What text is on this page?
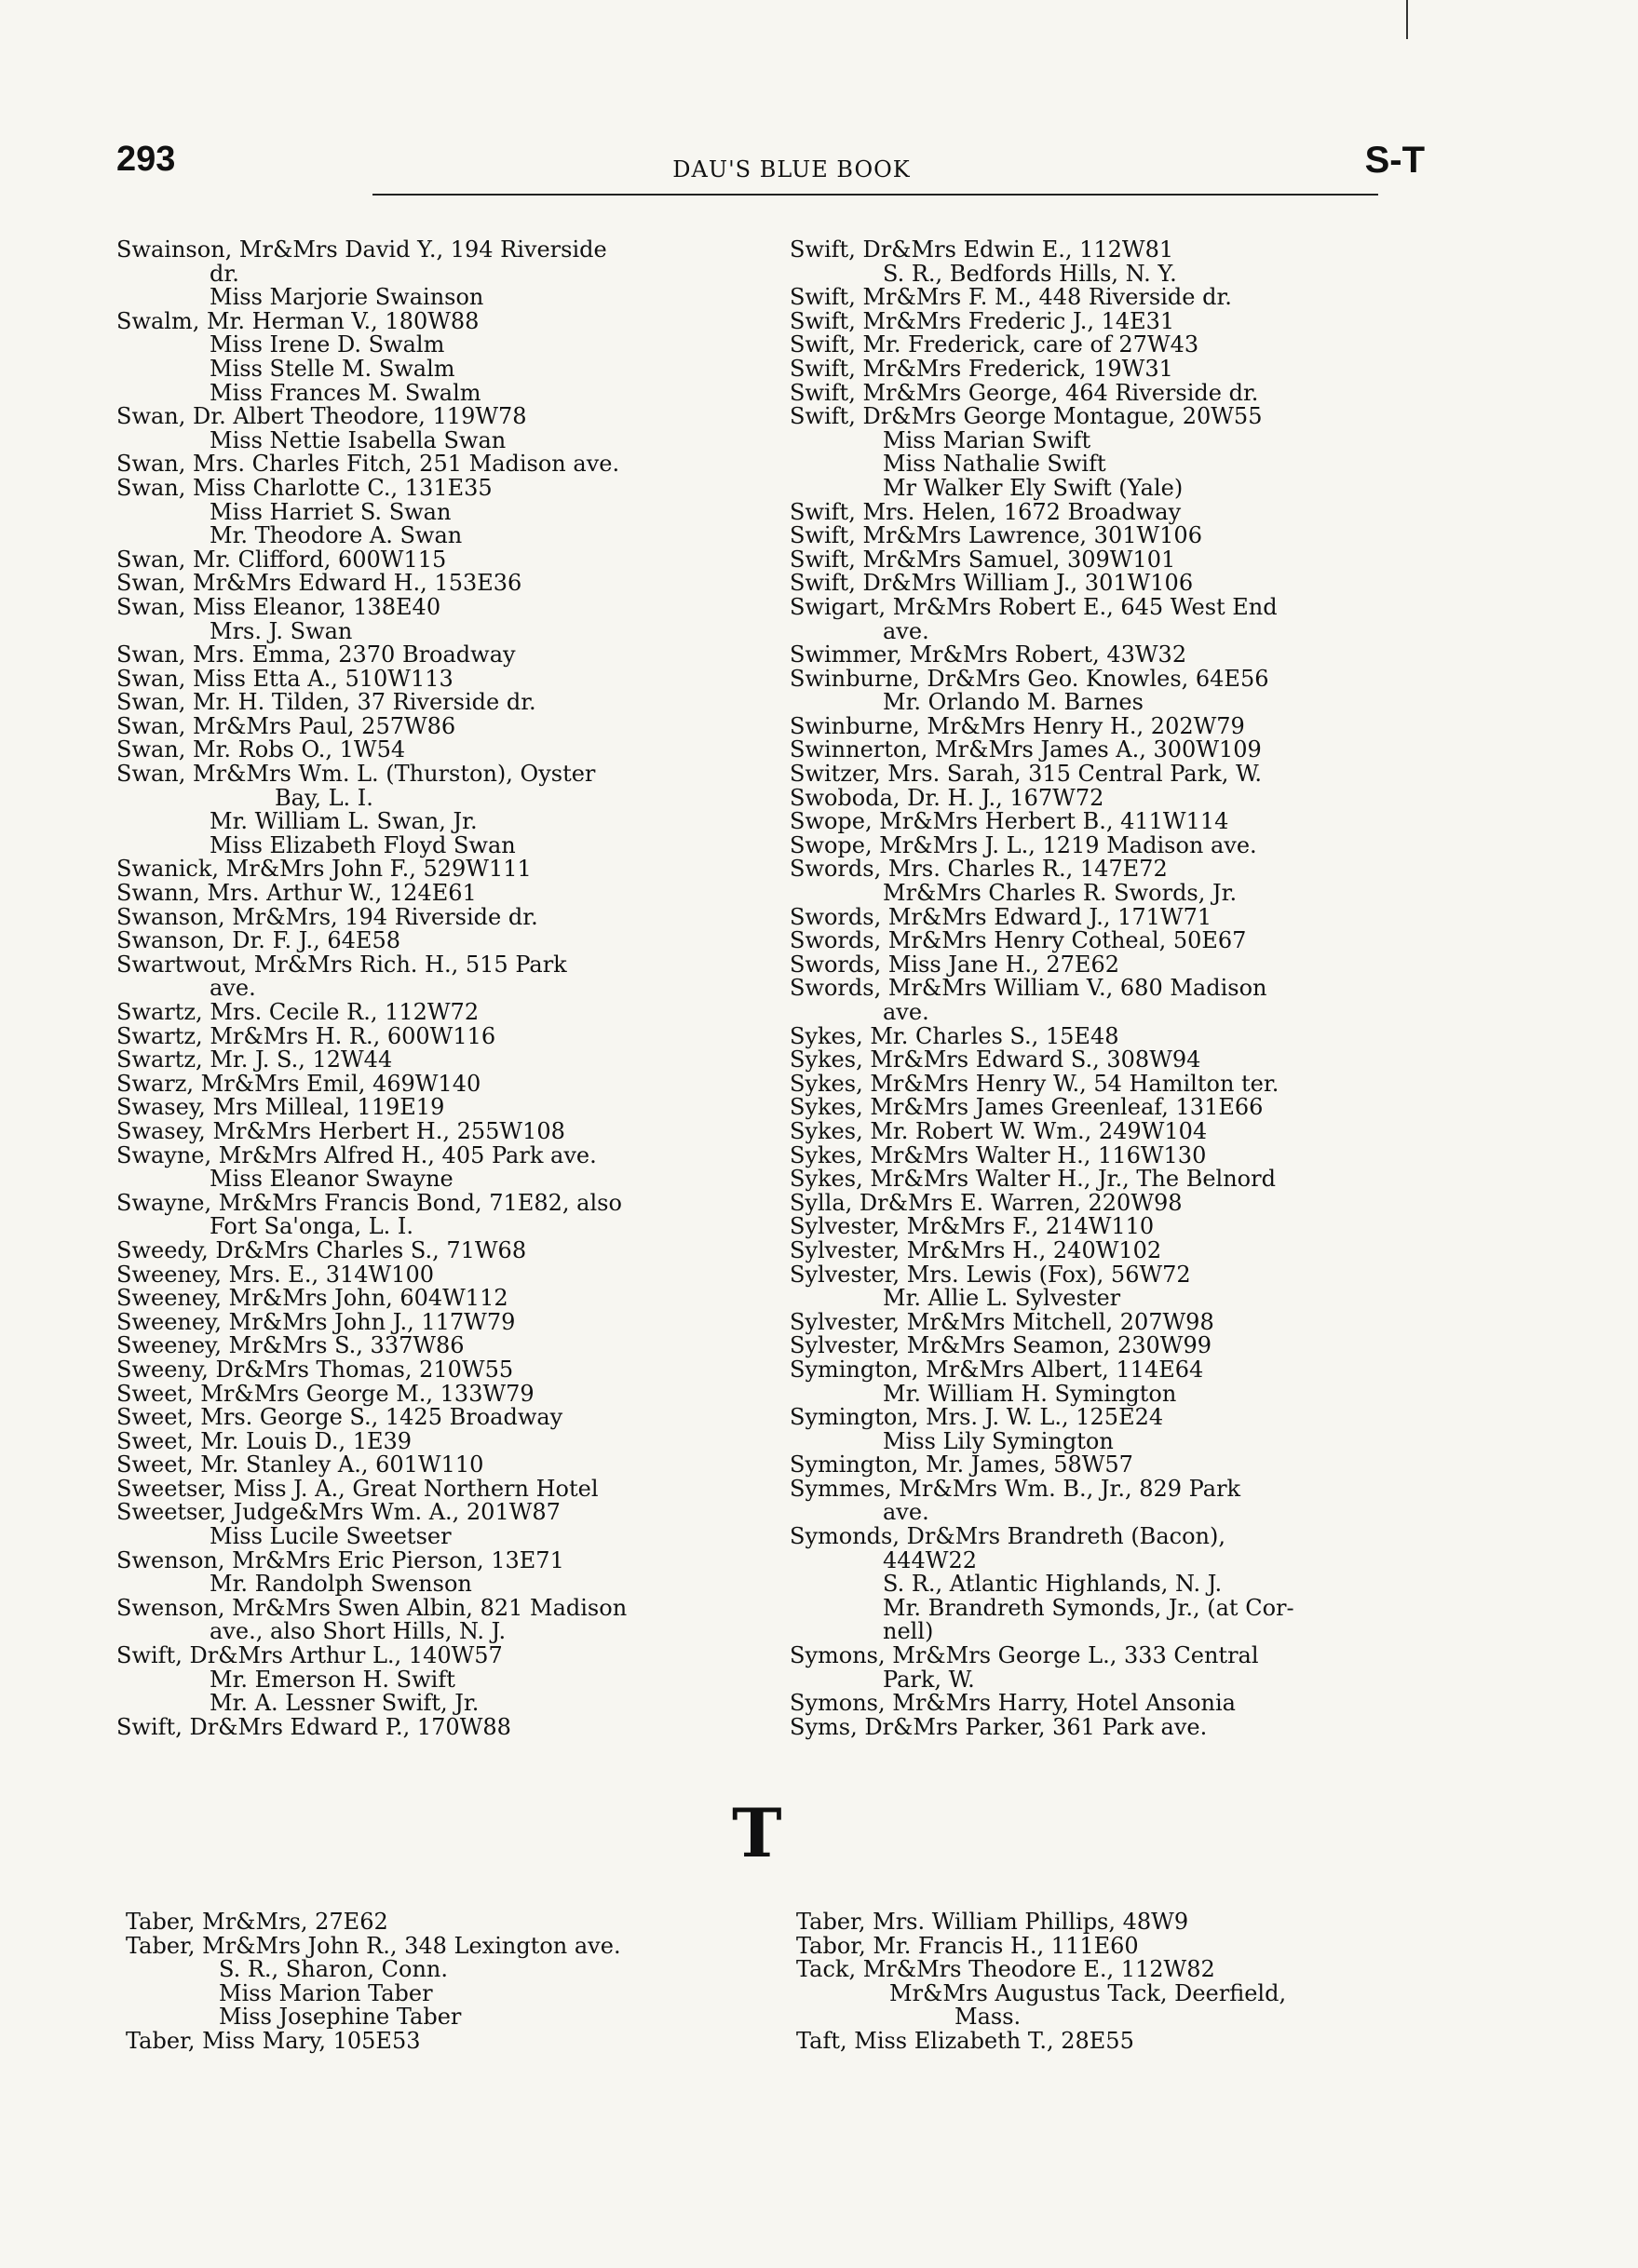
293	DAU'S BLUE BOOK	S-T
Swainson, Mr&Mrs David Y., 194 Riverside
dr.
Miss Marjorie Swainson
Swalm, Mr. Herman V., 180W88
Miss Irene D. Swalm
Miss Stelle M. Swalm
Miss Frances M. Swalm
Swan, Dr. Albert Theodore, 119W78
Miss Nettie Isabella Swan
Swan, Mrs. Charles Fitch, 251 Madison ave.
Swan, Miss Charlotte C., 131E35
Miss Harriet S. Swan
Mr. Theodore A. Swan
Swan, Mr. Clifford, 600W115
Swan, Mr&Mrs Edward H., 153E36
Swan, Miss Eleanor, 138E40
Mrs. J. Swan
Swan, Mrs. Emma, 2370 Broadway
Swan, Miss Etta A., 510W113
Swan, Mr. H. Tilden, 37 Riverside dr.
Swan, Mr&Mrs Paul, 257W86
Swan, Mr. Robs O., 1W54
Swan, Mr&Mrs Wm. L. (Thurston), Oyster
Bay, L. I.
Mr. William L. Swan, Jr.
Miss Elizabeth Floyd Swan
Swanick, Mr&Mrs John F., 529W111
Swann, Mrs. Arthur W., 124E61
Swanson, Mr&Mrs, 194 Riverside dr.
Swanson, Dr. F. J., 64E58
Swartwout, Mr&Mrs Rich. H., 515 Park
ave.
Swartz, Mrs. Cecile R., 112W72
Swartz, Mr&Mrs H. R., 600W116
Swartz, Mr. J. S., 12W44
Swarz, Mr&Mrs Emil, 469W140
Swasey, Mrs Milleal, 119E19
Swasey, Mr&Mrs Herbert H., 255W108
Swayne, Mr&Mrs Alfred H., 405 Park ave.
Miss Eleanor Swayne
Swayne, Mr&Mrs Francis Bond, 71E82, also
Fort Sa'onga, L. I.
Sweedy, Dr&Mrs Charles S., 71W68
Sweeney, Mrs. E., 314W100
Sweeney, Mr&Mrs John, 604W112
Sweeney, Mr&Mrs John J., 117W79
Sweeney, Mr&Mrs S., 337W86
Sweeny, Dr&Mrs Thomas, 210W55
Sweet, Mr&Mrs George M., 133W79
Sweet, Mrs. George S., 1425 Broadway
Sweet, Mr. Louis D., 1E39
Sweet, Mr. Stanley A., 601W110
Sweetser, Miss J. A., Great Northern Hotel
Sweetser, Judge&Mrs Wm. A., 201W87
Miss Lucile Sweetser
Swenson, Mr&Mrs Eric Pierson, 13E71
Mr. Randolph Swenson
Swenson, Mr&Mrs Swen Albin, 821 Madison
ave., also Short Hills, N. J.
Swift, Dr&Mrs Arthur L., 140W57
Mr. Emerson H. Swift
Mr. A. Lessner Swift, Jr.
Swift, Dr&Mrs Edward P., 170W88
Swift, Dr&Mrs Edwin E., 112W81
S. R., Bedfords Hills, N. Y.
Swift, Mr&Mrs F. M., 448 Riverside dr.
Swift, Mr&Mrs Frederic J., 14E31
Swift, Mr. Frederick, care of 27W43
Swift, Mr&Mrs Frederick, 19W31
Swift, Mr&Mrs George, 464 Riverside dr.
Swift, Dr&Mrs George Montague, 20W55
Miss Marian Swift
Miss Nathalie Swift
Mr Walker Ely Swift (Yale)
Swift, Mrs. Helen, 1672 Broadway
Swift, Mr&Mrs Lawrence, 301W106
Swift, Mr&Mrs Samuel, 309W101
Swift, Dr&Mrs William J., 301W106
Swigart, Mr&Mrs Robert E., 645 West End
ave.
Swimmer, Mr&Mrs Robert, 43W32
Swinburne, Dr&Mrs Geo. Knowles, 64E56
Mr. Orlando M. Barnes
Swinburne, Mr&Mrs Henry H., 202W79
Swinnerton, Mr&Mrs James A., 300W109
Switzer, Mrs. Sarah, 315 Central Park, W.
Swoboda, Dr. H. J., 167W72
Swope, Mr&Mrs Herbert B., 411W114
Swope, Mr&Mrs J. L., 1219 Madison ave.
Swords, Mrs. Charles R., 147E72
Mr&Mrs Charles R. Swords, Jr.
Swords, Mr&Mrs Edward J., 171W71
Swords, Mr&Mrs Henry Cotheal, 50E67
Swords, Miss Jane H., 27E62
Swords, Mr&Mrs William V., 680 Madison
ave.
Sykes, Mr. Charles S., 15E48
Sykes, Mr&Mrs Edward S., 308W94
Sykes, Mr&Mrs Henry W., 54 Hamilton ter.
Sykes, Mr&Mrs James Greenleaf, 131E66
Sykes, Mr. Robert W. Wm., 249W104
Sykes, Mr&Mrs Walter H., 116W130
Sykes, Mr&Mrs Walter H., Jr., The Belnord
Sylla, Dr&Mrs E. Warren, 220W98
Sylvester, Mr&Mrs F., 214W110
Sylvester, Mr&Mrs H., 240W102
Sylvester, Mrs. Lewis (Fox), 56W72
Mr. Allie L. Sylvester
Sylvester, Mr&Mrs Mitchell, 207W98
Sylvester, Mr&Mrs Seamon, 230W99
Symington, Mr&Mrs Albert, 114E64
Mr. William H. Symington
Symington, Mrs. J. W. L., 125E24
Miss Lily Symington
Symington, Mr. James, 58W57
Symmes, Mr&Mrs Wm. B., Jr., 829 Park
ave.
Symonds, Dr&Mrs Brandreth (Bacon),
444W22
S. R., Atlantic Highlands, N. J.
Mr. Brandreth Symonds, Jr., (at Cor-
nell)
Symons, Mr&Mrs George L., 333 Central
Park, W.
Symons, Mr&Mrs Harry, Hotel Ansonia
Syms, Dr&Mrs Parker, 361 Park ave.
T
Taber, Mr&Mrs, 27E62
Taber, Mr&Mrs John R., 348 Lexington ave.
S. R., Sharon, Conn.
Miss Marion Taber
Miss Josephine Taber
Taber, Miss Mary, 105E53
Taber, Mrs. William Phillips, 48W9
Tabor, Mr. Francis H., 111E60
Tack, Mr&Mrs Theodore E., 112W82
Mr&Mrs Augustus Tack, Deerfield,
Mass.
Taft, Miss Elizabeth T., 28E55
